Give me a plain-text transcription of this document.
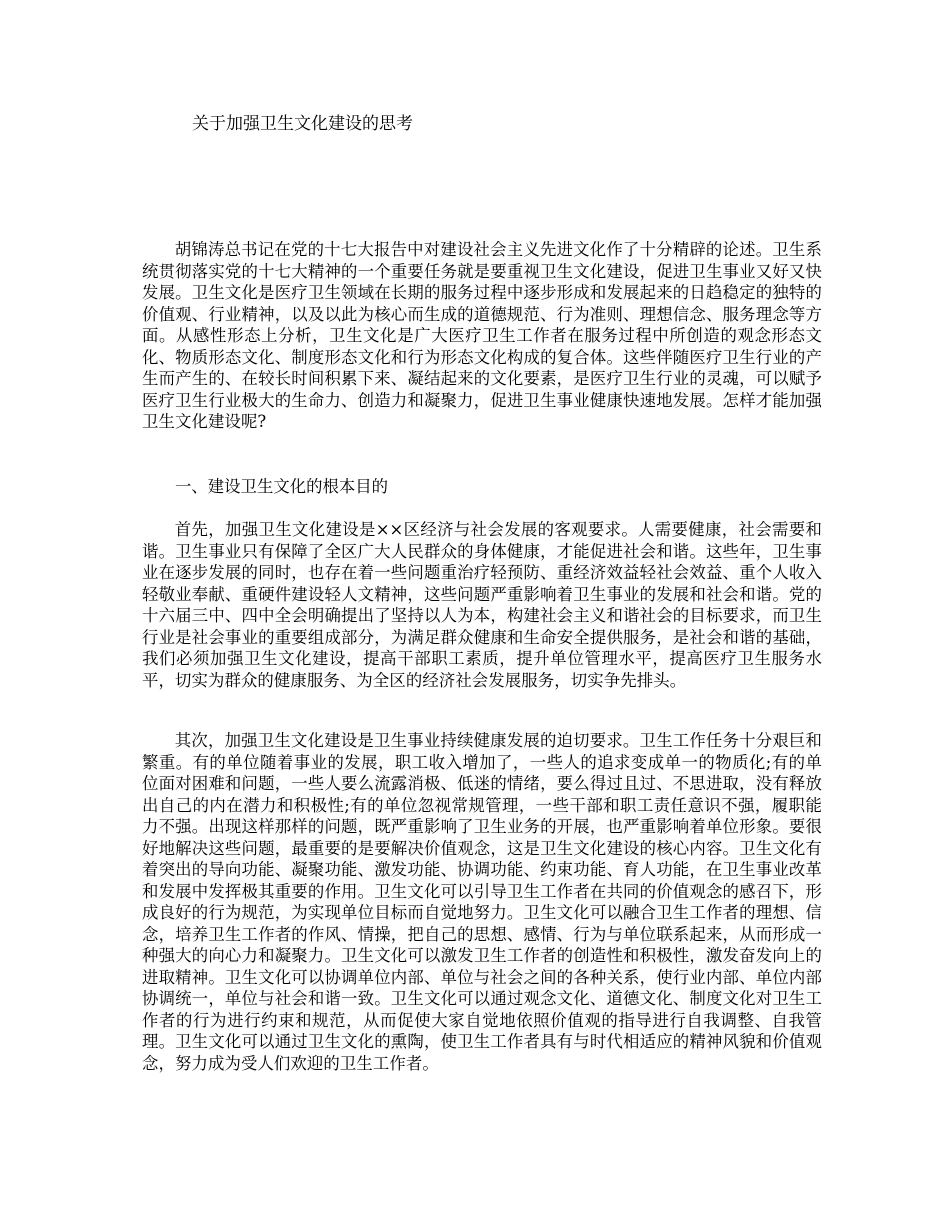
关于加强卫生文化建设的思考

胡锦涛总书记在党的十七大报告中对建设社会主义先进文化作了十分精辟的论述。卫生系统贯彻落实党的十七大精神的一个重要任务就是要重视卫生文化建设，促进卫生事业又好又快发展。卫生文化是医疗卫生领域在长期的服务过程中逐步形成和发展起来的日趋稳定的独特的价值观、行业精神，以及以此为核心而生成的道德规范、行为准则、理想信念、服务理念等方面。从感性形态上分析，卫生文化是广大医疗卫生工作者在服务过程中所创造的观念形态文化、物质形态文化、制度形态文化和行为形态文化构成的复合体。这些伴随医疗卫生行业的产生而产生的、在较长时间积累下来、凝结起来的文化要素，是医疗卫生行业的灵魂，可以赋予医疗卫生行业极大的生命力、创造力和凝聚力，促进卫生事业健康快速地发展。怎样才能加强卫生文化建设呢?

一、建设卫生文化的根本目的

首先，加强卫生文化建设是××区经济与社会发展的客观要求。人需要健康，社会需要和谐。卫生事业只有保障了全区广大人民群众的身体健康，才能促进社会和谐。这些年，卫生事业在逐步发展的同时，也存在着一些问题重治疗轻预防、重经济效益轻社会效益、重个人收入轻敬业奉献、重硬件建设轻人文精神，这些问题严重影响着卫生事业的发展和社会和谐。党的十六届三中、四中全会明确提出了坚持以人为本，构建社会主义和谐社会的目标要求，而卫生行业是社会事业的重要组成部分，为满足群众健康和生命安全提供服务，是社会和谐的基础，我们必须加强卫生文化建设，提高干部职工素质，提升单位管理水平，提高医疗卫生服务水平，切实为群众的健康服务、为全区的经济社会发展服务，切实争先排头。

其次，加强卫生文化建设是卫生事业持续健康发展的迫切要求。卫生工作任务十分艰巨和繁重。有的单位随着事业的发展，职工收入增加了，一些人的追求变成单一的物质化;有的单位面对困难和问题，一些人要么流露消极、低迷的情绪，要么得过且过、不思进取，没有释放出自己的内在潜力和积极性;有的单位忽视常规管理，一些干部和职工责任意识不强，履职能力不强。出现这样那样的问题，既严重影响了卫生业务的开展，也严重影响着单位形象。要很好地解决这些问题，最重要的是要解决价值观念，这是卫生文化建设的核心内容。卫生文化有着突出的导向功能、凝聚功能、激发功能、协调功能、约束功能、育人功能，在卫生事业改革和发展中发挥极其重要的作用。卫生文化可以引导卫生工作者在共同的价值观念的感召下，形成良好的行为规范，为实现单位目标而自觉地努力。卫生文化可以融合卫生工作者的理想、信念，培养卫生工作者的作风、情操，把自己的思想、感情、行为与单位联系起来，从而形成一种强大的向心力和凝聚力。卫生文化可以激发卫生工作者的创造性和积极性，激发奋发向上的进取精神。卫生文化可以协调单位内部、单位与社会之间的各种关系，使行业内部、单位内部协调统一，单位与社会和谐一致。卫生文化可以通过观念文化、道德文化、制度文化对卫生工作者的行为进行约束和规范，从而促使大家自觉地依照价值观的指导进行自我调整、自我管理。卫生文化可以通过卫生文化的熏陶，使卫生工作者具有与时代相适应的精神风貌和价值观念，努力成为受人们欢迎的卫生工作者。
